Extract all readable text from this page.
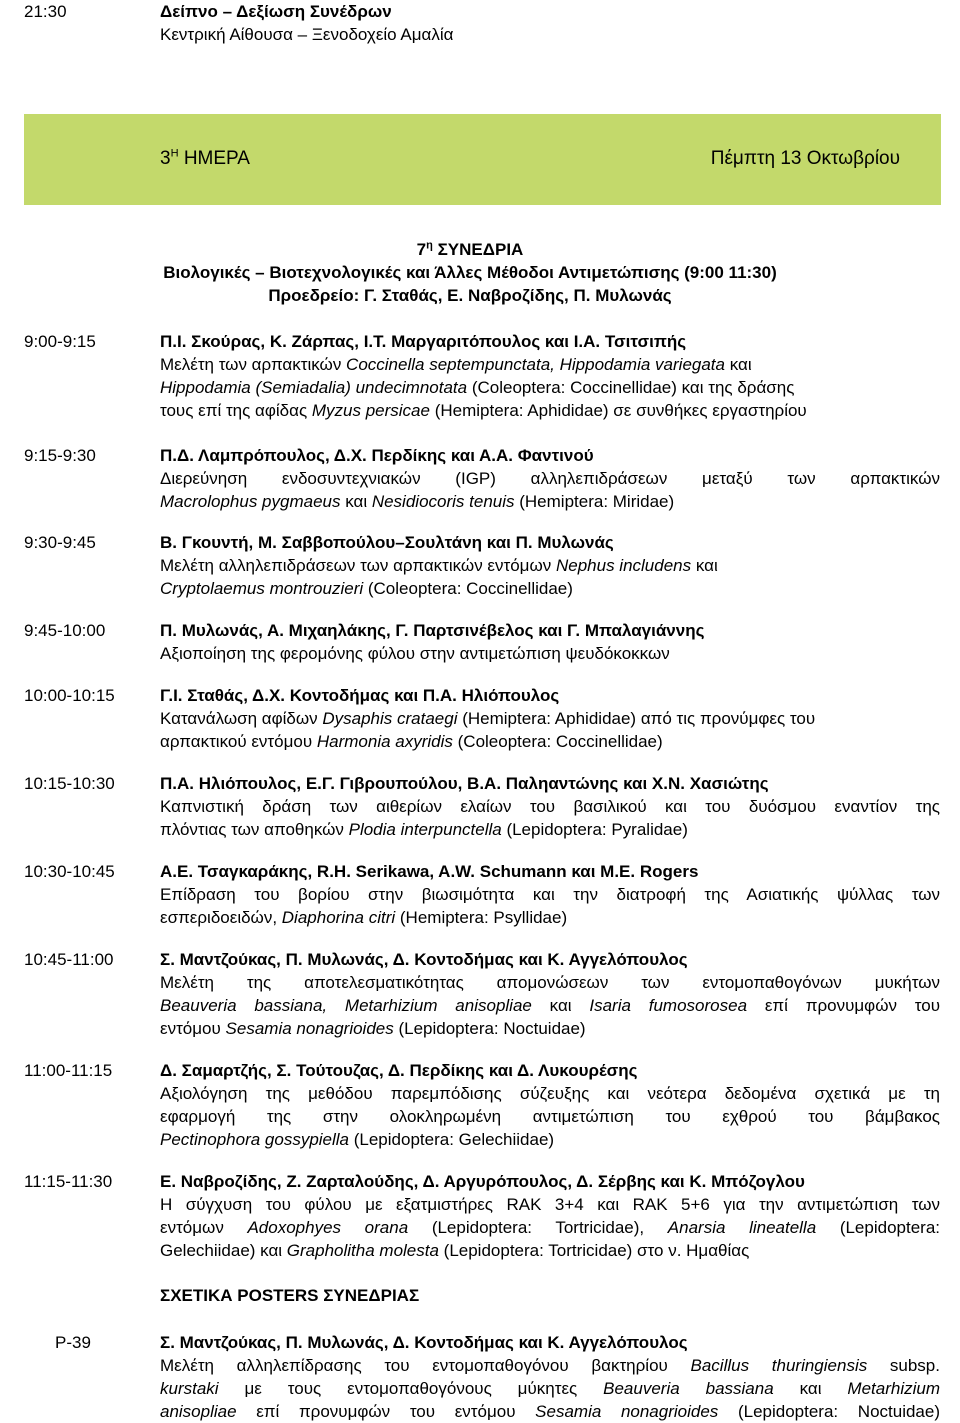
21:30	Δείπνο – Δεξίωση Συνέδρων
Κεντρική Αίθουσα – Ξενοδοχείο Αμαλία
$3^H$ ΗΜΕΡΑ	Πέμπτη 13 Οκτωβρίου
$7^\eta$ ΣΥΝΕΔΡΙΑ
Βιολογικές – Βιοτεχνολογικές και Άλλες Μέθοδοι Αντιμετώπισης (9:00 11:30)
Προεδρείο: Γ. Σταθάς, Ε. Ναβροζίδης, Π. Μυλωνάς
9:00-9:15	Π.Ι. Σκούρας, Κ. Ζάρπας, Ι.Τ. Μαργαριτόπουλος και Ι.Α. Τσιτσιπής
Μελέτη των αρπακτικών Coccinella septempunctata, Hippodamia variegata και
Hippodamia (Semiadalia) undecimnotata (Coleoptera: Coccinellidae) και της δράσης
τους επί της αφίδας Myzus persicae (Hemiptera: Aphididae) σε συνθήκες εργαστηρίου
9:15-9:30	Π.Δ. Λαμπρόπουλος, Δ.Χ. Περδίκης και Α.Α. Φαντινού
Διερεύνηση ενδοσυντεχνιακών (IGP) αλληλεπιδράσεων μεταξύ των αρπακτικών
Macrolophus pygmaeus και Nesidiocoris tenuis (Hemiptera: Miridae)
9:30-9:45	Β. Γκουντή, Μ. Σαββοπούλου–Σουλτάνη και Π. Μυλωνάς
Μελέτη αλληλεπιδράσεων των αρπακτικών εντόμων Nephus includens και
Cryptolaemus montrouzieri (Coleoptera: Coccinellidae)
9:45-10:00	Π. Μυλωνάς, Α. Μιχαηλάκης, Γ. Παρτσινέβελος και Γ. Μπαλαγιάννης
Αξιοποίηση της φερομόνης φύλου στην αντιμετώπιση ψευδόκοκκων
10:00-10:15	Γ.Ι. Σταθάς, Δ.Χ. Κοντοδήμας και Π.Α. Ηλιόπουλος
Κατανάλωση αφίδων Dysaphis crataegi (Hemiptera: Aphididae) από τις προνύμφες του
αρπακτικού εντόμου Harmonia axyridis (Coleoptera: Coccinellidae)
10:15-10:30	Π.Α. Ηλιόπουλος, Ε.Γ. Γιβρουπούλου, Β.Α. Παληαντώνης και Χ.Ν. Χασιώτης
Καπνιστική δράση των αιθερίων ελαίων του βασιλικού και του δυόσμου εναντίον της
πλόντιας των αποθηκών Plodia interpunctella (Lepidoptera: Pyralidae)
10:30-10:45	Α.Ε. Τσαγκαράκης, R.H. Serikawa, A.W. Schumann και M.E. Rogers
Επίδραση του βορίου στην βιωσιμότητα και την διατροφή της Ασιατικής ψύλλας των
εσπεριδοειδών, Diaphorina citri (Hemiptera: Psyllidae)
10:45-11:00	Σ. Μαντζούκας, Π. Μυλωνάς, Δ. Κοντοδήμας και Κ. Αγγελόπουλος
Μελέτη της αποτελεσματικότητας απομονώσεων των εντομοπαθογόνων μυκήτων
Beauveria bassiana, Metarhizium anisopliae και Isaria fumosorosea επί προνυμφών του
εντόμου Sesamia nonagrioides (Lepidoptera: Noctuidae)
11:00-11:15	Δ. Σαμαρτζής, Σ. Τούτουζας, Δ. Περδίκης και Δ. Λυκουρέσης
Αξιολόγηση της μεθόδου παρεμπόδισης σύζευξης και νεότερα δεδομένα σχετικά με τη
εφαρμογή της στην ολοκληρωμένη αντιμετώπιση του εχθρού του βάμβακος
Pectinophora gossypiella (Lepidoptera: Gelechiidae)
11:15-11:30	Ε. Ναβροζίδης, Ζ. Ζαρταλούδης, Δ. Αργυρόπουλος, Δ. Σέρβης και Κ. Μπόζογλου
Η σύγχυση του φύλου με εξατμιστήρες RAK 3+4 και RAK 5+6 για την αντιμετώπιση των
εντόμων Adoxophyes orana (Lepidoptera: Tortricidae), Anarsia lineatella (Lepidoptera:
Gelechiidae) και Grapholitha molesta (Lepidoptera: Tortricidae) στο ν. Ημαθίας
ΣΧΕΤΙΚΑ POSTERS ΣΥΝΕΔΡΙΑΣ
P-39	Σ. Μαντζούκας, Π. Μυλωνάς, Δ. Κοντοδήμας και Κ. Αγγελόπουλος
Μελέτη αλληλεπίδρασης του εντομοπαθογόνου βακτηρίου Bacillus thuringiensis subsp.
kurstaki με τους εντομοπαθογόνους μύκητες Beauveria bassiana και Metarhizium
anisopliae επί προνυμφών του εντόμου Sesamia nonagrioides (Lepidoptera: Noctuidae)
